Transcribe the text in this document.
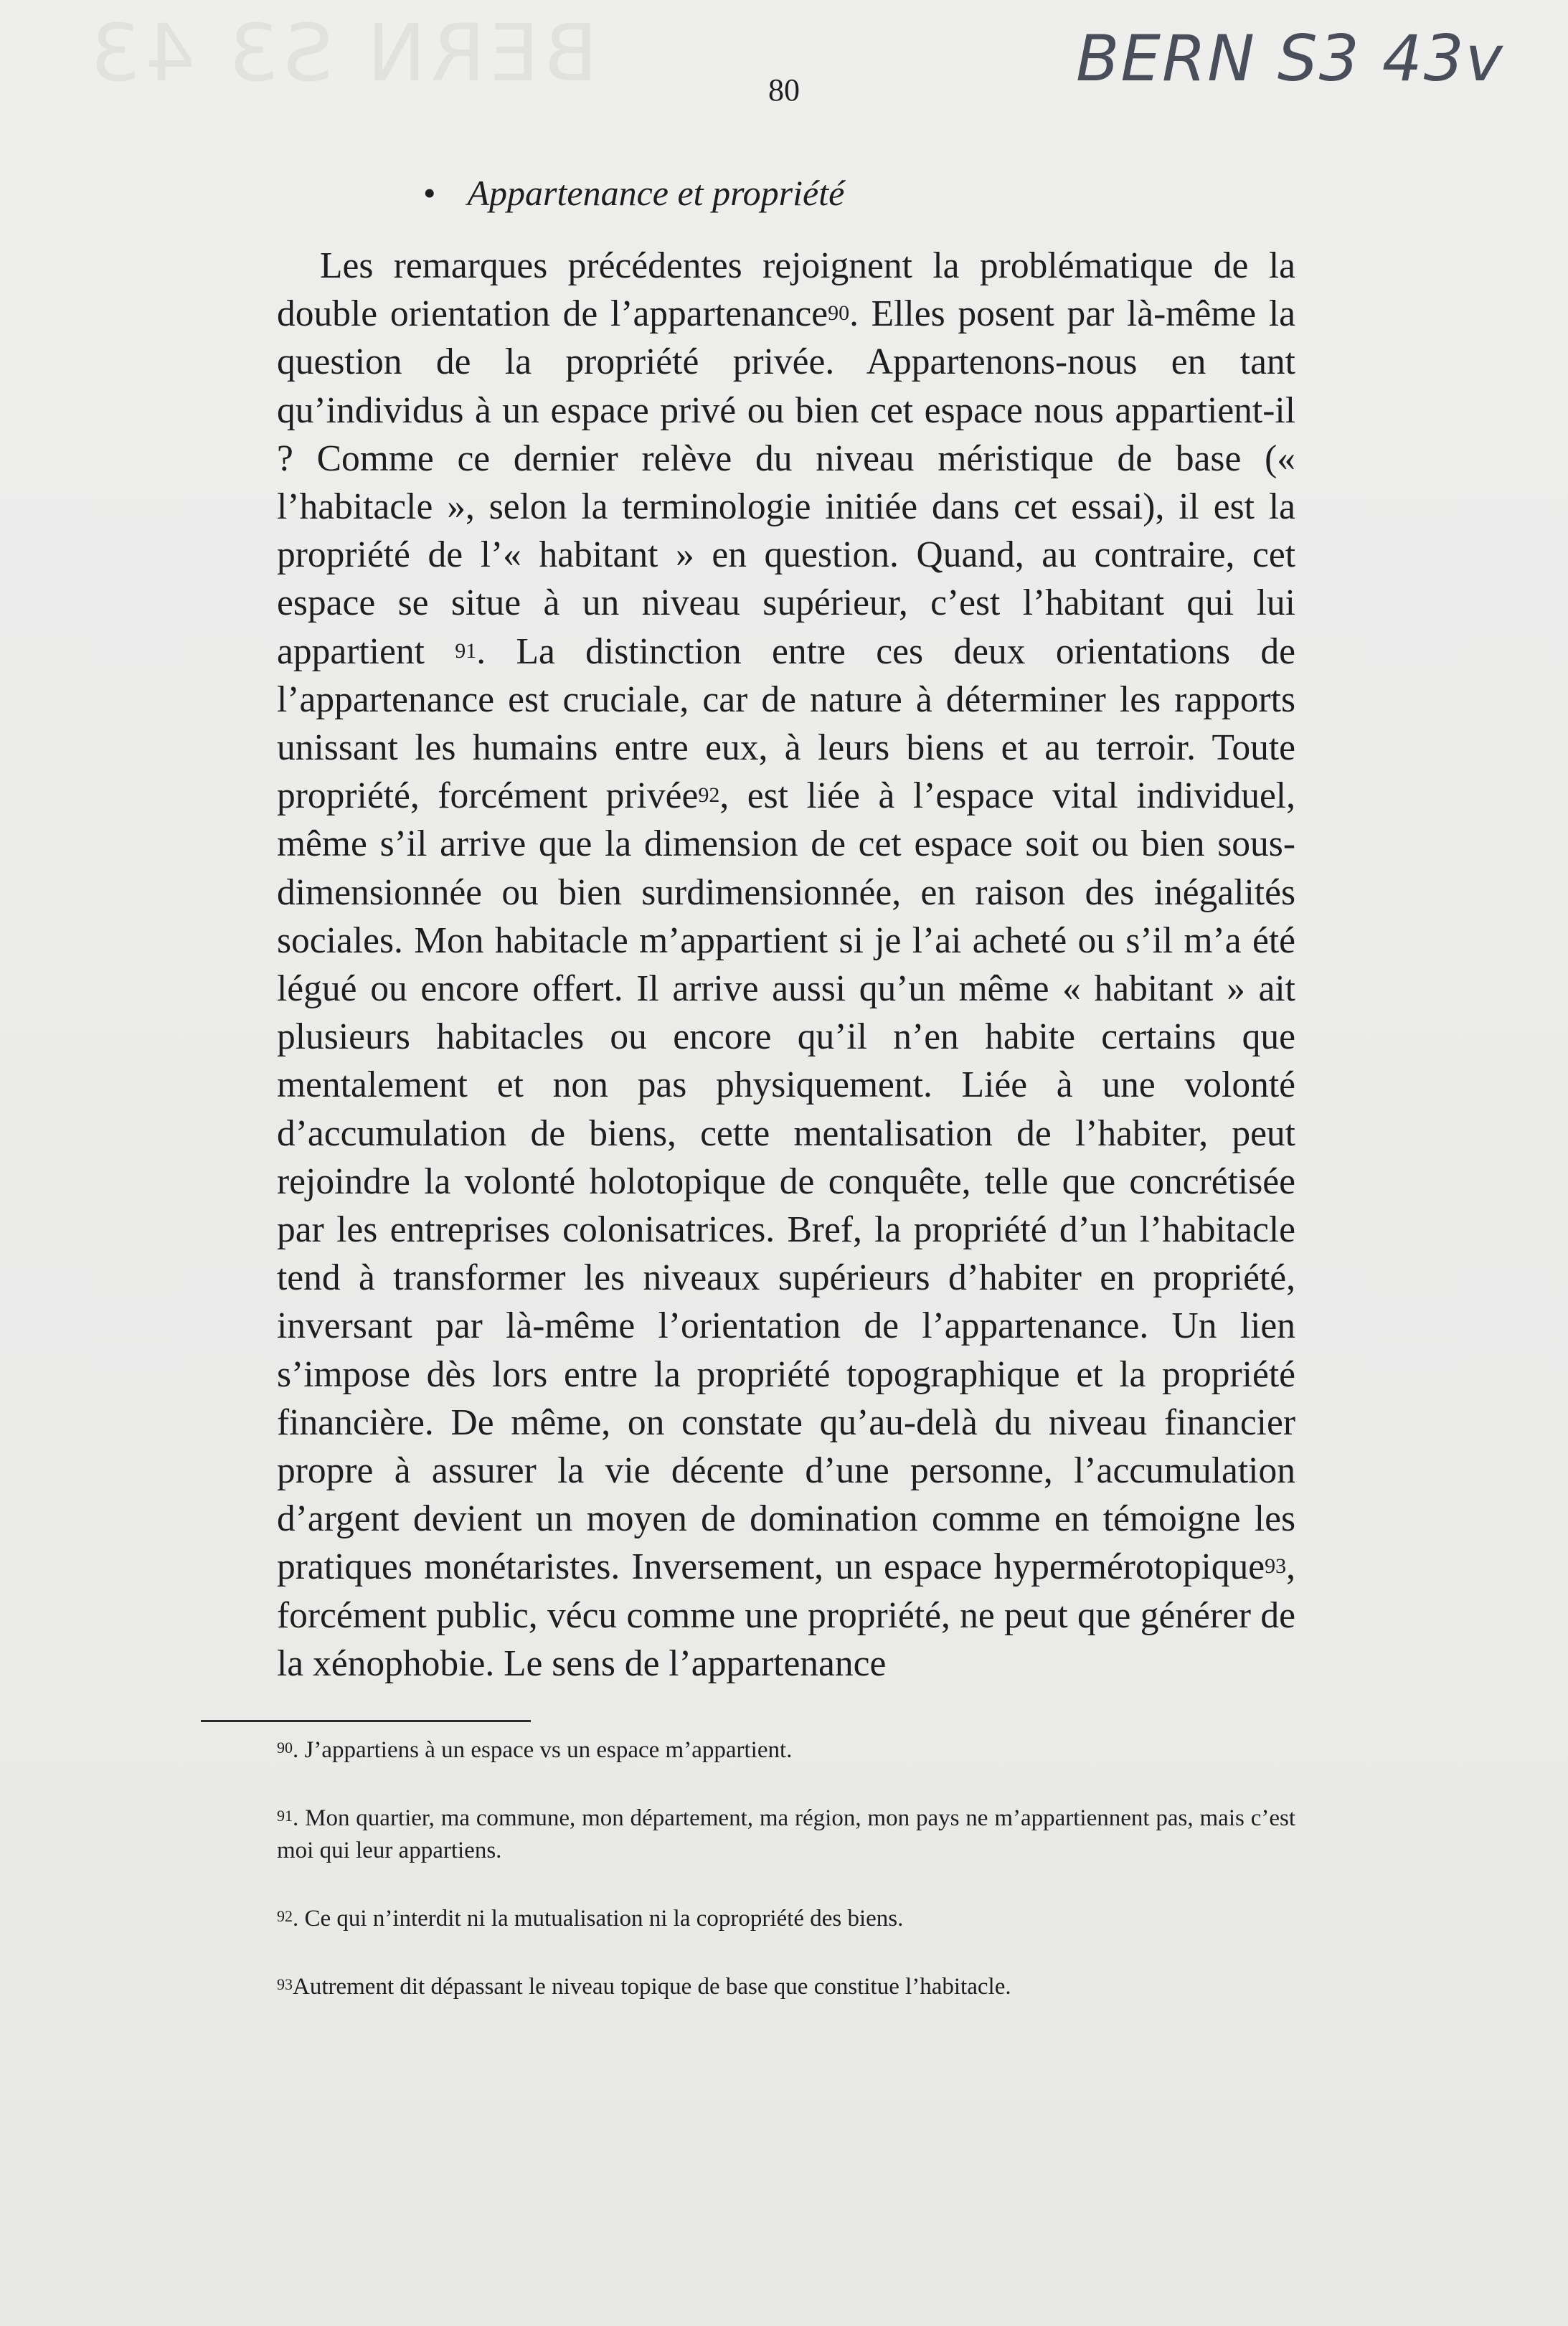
BERN S3 43	BERN S3 43v
80
• Appartenance et propriété

Les remarques précédentes rejoignent la problématique de la double orientation de l’appartenance$^{90}$. Elles posent par là-même la question de la propriété privée. Appartenons-nous en tant qu’individus à un espace privé ou bien cet espace nous appartient-il ? Comme ce dernier relève du niveau méristique de base (« l’habitacle », selon la terminologie initiée dans cet essai), il est la propriété de l’« habitant » en question. Quand, au contraire, cet espace se situe à un niveau supérieur, c’est l’habitant qui lui appartient $^{91}$. La distinction entre ces deux orientations de l’appartenance est cruciale, car de nature à déterminer les rapports unissant les humains entre eux, à leurs biens et au terroir. Toute propriété, forcément privée$^{92}$, est liée à l’espace vital individuel, même s’il arrive que la dimension de cet espace soit ou bien sous-dimensionnée ou bien surdimensionnée, en raison des inégalités sociales. Mon habitacle m’appartient si je l’ai acheté ou s’il m’a été légué ou encore offert. Il arrive aussi qu’un même « habitant » ait plusieurs habitacles ou encore qu’il n’en habite certains que mentalement et non pas physiquement. Liée à une volonté d’accumulation de biens, cette mentalisation de l’habiter, peut rejoindre la volonté holotopique de conquête, telle que concrétisée par les entreprises colonisatrices. Bref, la propriété d’un l’habitacle tend à transformer les niveaux supérieurs d’habiter en propriété, inversant par là-même l’orientation de l’appartenance. Un lien s’impose dès lors entre la propriété topographique et la propriété financière. De même, on constate qu’au-delà du niveau financier propre à assurer la vie décente d’une personne, l’accumulation d’argent devient un moyen de domination comme en témoigne les pratiques monétaristes. Inversement, un espace hypermérotopique$^{93}$, forcément public, vécu comme une propriété, ne peut que générer de la xénophobie. Le sens de l’appartenance

$^{90}$. J’appartiens à un espace vs un espace m’appartient.

$^{91}$. Mon quartier, ma commune, mon département, ma région, mon pays ne m’appartiennent pas, mais c’est moi qui leur appartiens.

$^{92}$. Ce qui n’interdit ni la mutualisation ni la copropriété des biens.

$^{93}$Autrement dit dépassant le niveau topique de base que constitue l’habitacle.
